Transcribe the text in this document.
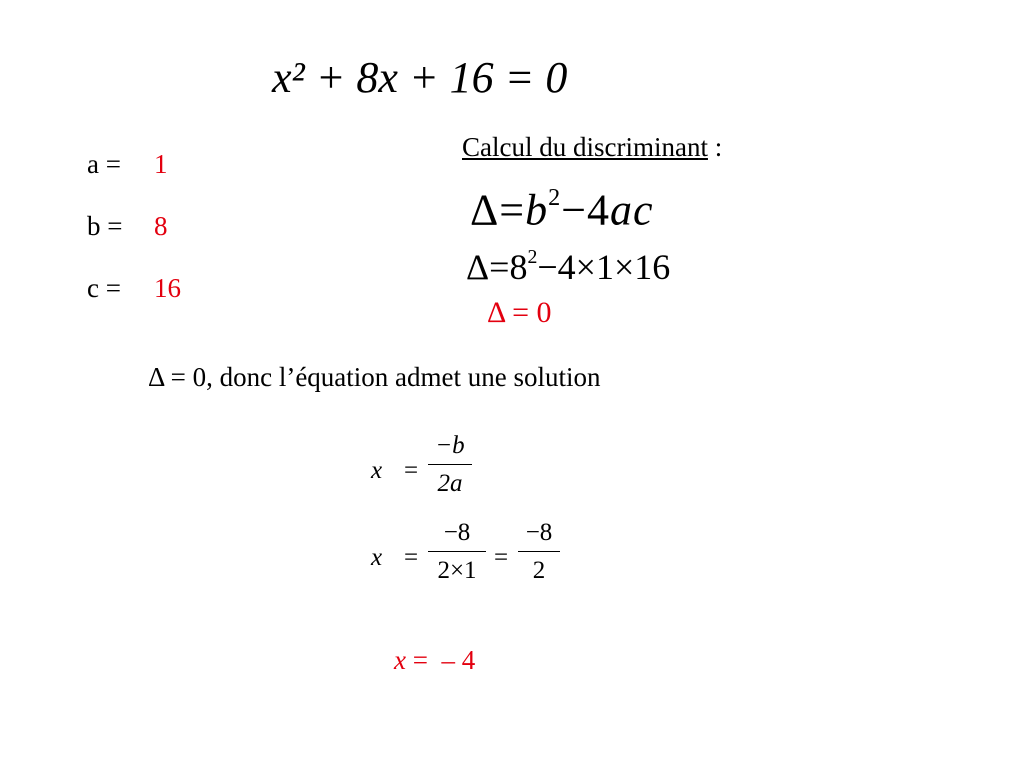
x² + 8x + 16 = 0
a = 1
b = 8
c = 16
Calcul du discriminant :
$\Delta=b^2-4ac$
$\Delta=8^2-4\times 1\times 16$
Δ = 0
Δ = 0, donc l’équation admet une solution
x =
−b
2a
x =
−8
2×1 =
−8
2
x = – 4
